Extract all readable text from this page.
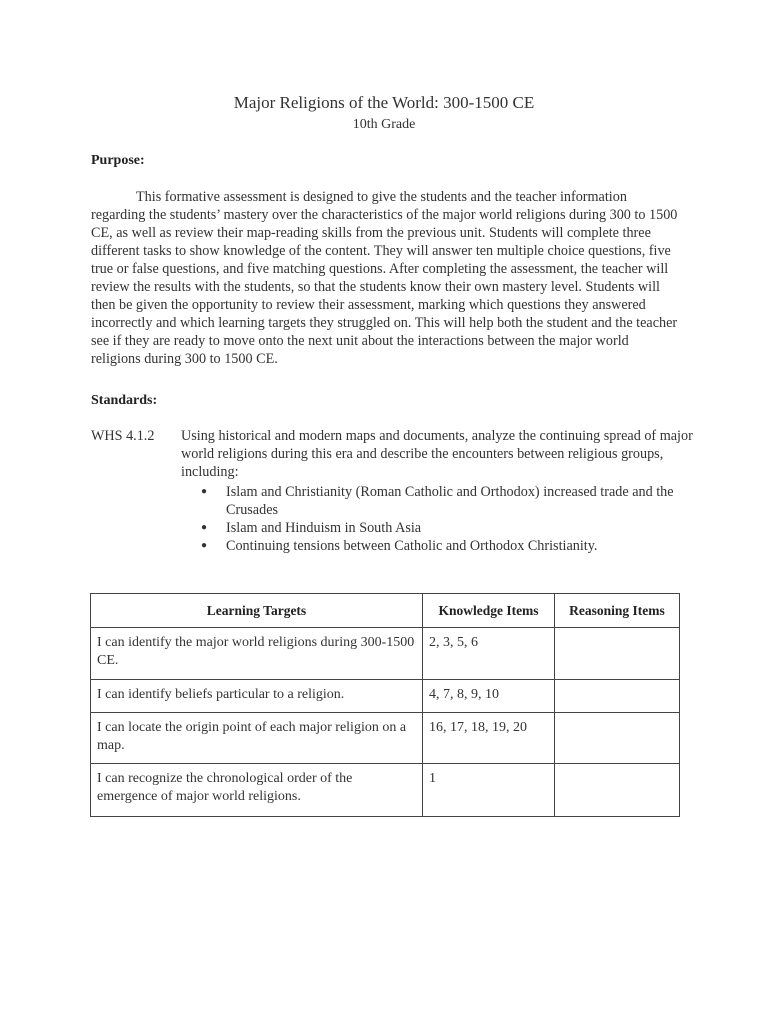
Major Religions of the World: 300-1500 CE
10th Grade
Purpose:
This formative assessment is designed to give the students and the teacher information regarding the students’ mastery over the characteristics of the major world religions during 300 to 1500 CE, as well as review their map-reading skills from the previous unit. Students will complete three different tasks to show knowledge of the content. They will answer ten multiple choice questions, five true or false questions, and five matching questions. After completing the assessment, the teacher will review the results with the students, so that the students know their own mastery level. Students will then be given the opportunity to review their assessment, marking which questions they answered incorrectly and which learning targets they struggled on. This will help both the student and the teacher see if they are ready to move onto the next unit about the interactions between the major world religions during 300 to 1500 CE.
Standards:
WHS 4.1.2 Using historical and modern maps and documents, analyze the continuing spread of major world religions during this era and describe the encounters between religious groups, including:
● Islam and Christianity (Roman Catholic and Orthodox) increased trade and the Crusades
● Islam and Hinduism in South Asia
● Continuing tensions between Catholic and Orthodox Christianity.
Learning Targets	Knowledge Items	Reasoning Items

I can identify the major world religions during 300-1500 CE.	2, 3, 5, 6	

I can identify beliefs particular to a religion.	4, 7, 8, 9, 10	

I can locate the origin point of each major religion on a map.	16, 17, 18, 19, 20	

I can recognize the chronological order of the emergence of major world religions.	1	
